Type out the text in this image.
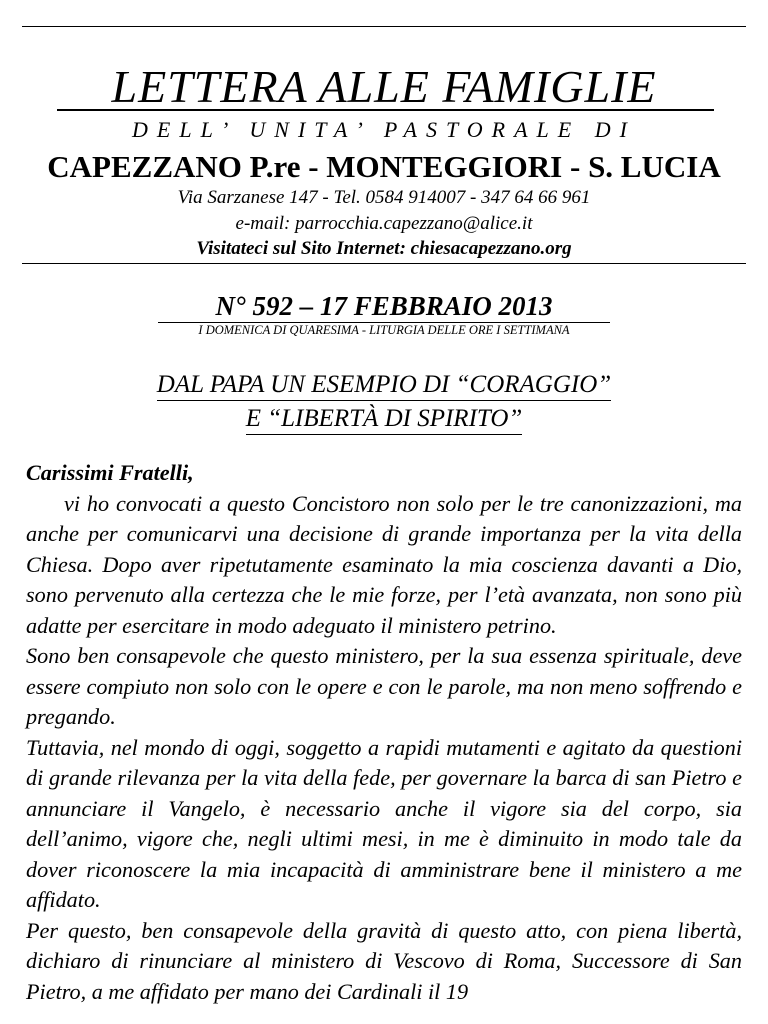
LETTERA ALLE FAMIGLIE
DELL’ UNITA’ PASTORALE DI
CAPEZZANO P.re - MONTEGGIORI - S. LUCIA
Via Sarzanese 147 - Tel. 0584 914007 - 347 64 66 961
e-mail: parrocchia.capezzano@alice.it
Visitateci sul Sito Internet: chiesacapezzano.org
N° 592 – 17 FEBBRAIO 2013
I DOMENICA DI QUARESIMA - LITURGIA DELLE ORE I SETTIMANA
DAL PAPA UN ESEMPIO DI “CORAGGIO”
E “LIBERTÀ DI SPIRITO”
Carissimi Fratelli,

vi ho convocati a questo Concistoro non solo per le tre canonizzazioni, ma anche per comunicarvi una decisione di grande importanza per la vita della Chiesa. Dopo aver ripetutamente esaminato la mia coscienza davanti a Dio, sono pervenuto alla certezza che le mie forze, per l’età avanzata, non sono più adatte per esercitare in modo adeguato il ministero petrino.

Sono ben consapevole che questo ministero, per la sua essenza spirituale, deve essere compiuto non solo con le opere e con le parole, ma non meno soffrendo e pregando.

Tuttavia, nel mondo di oggi, soggetto a rapidi mutamenti e agitato da questioni di grande rilevanza per la vita della fede, per governare la barca di san Pietro e annunciare il Vangelo, è necessario anche il vigore sia del corpo, sia dell’animo, vigore che, negli ultimi mesi, in me è diminuito in modo tale da dover riconoscere la mia incapacità di amministrare bene il ministero a me affidato.

Per questo, ben consapevole della gravità di questo atto, con piena libertà, dichiaro di rinunciare al ministero di Vescovo di Roma, Successore di San Pietro, a me affidato per mano dei Cardinali il 19
